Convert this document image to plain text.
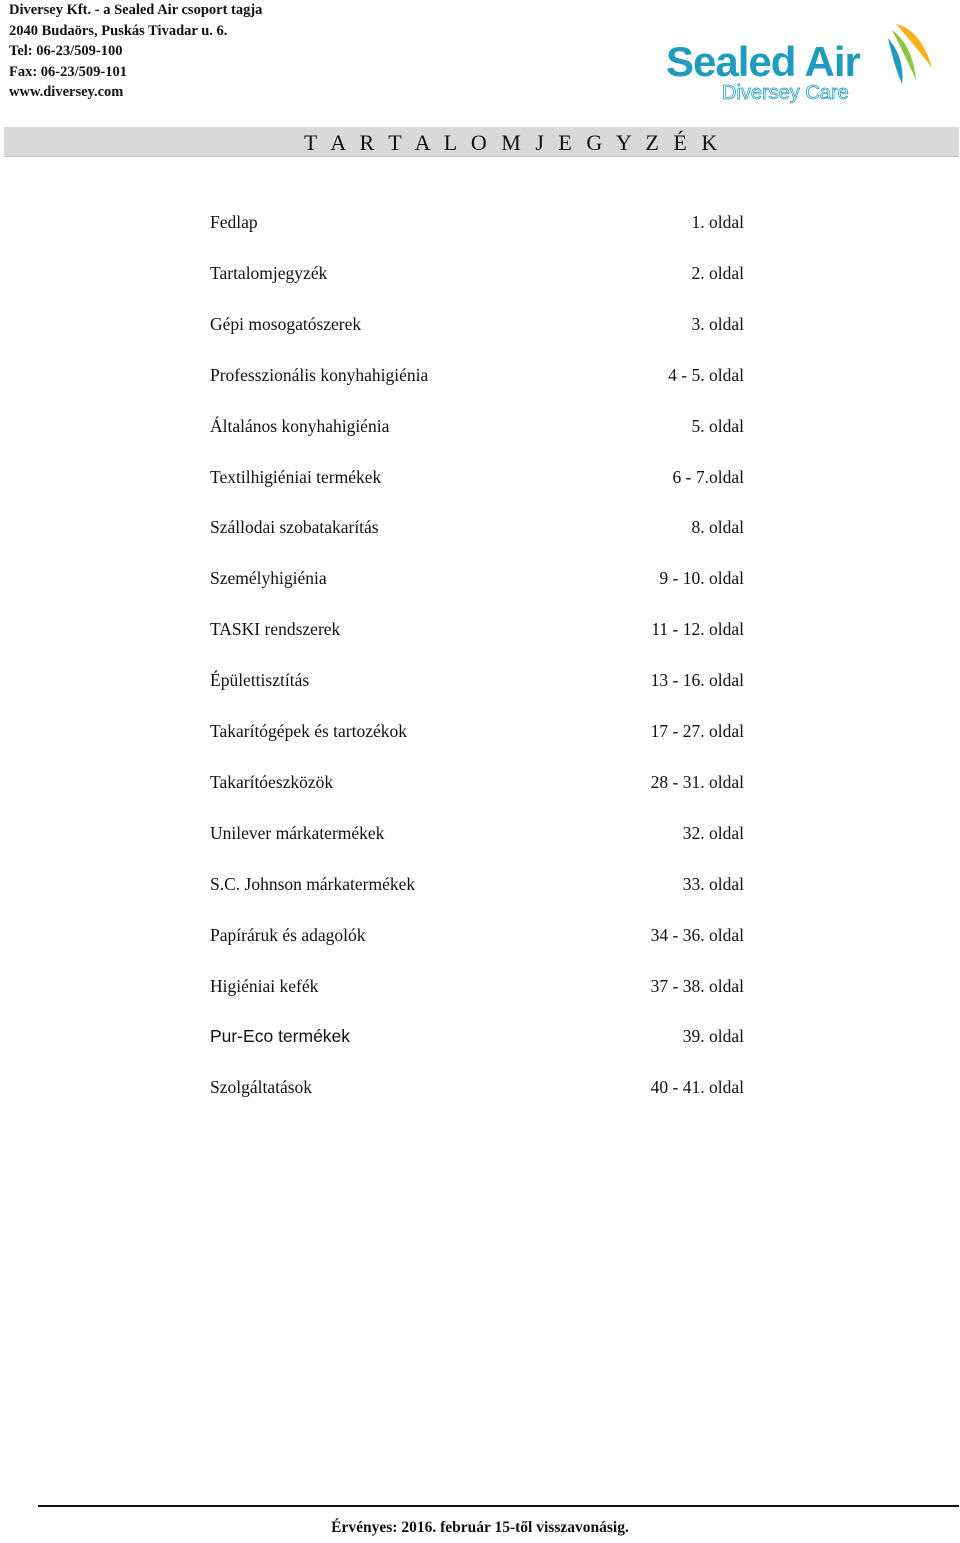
Diversey Kft. - a Sealed Air csoport tagja
2040 Budaörs, Puskás Tivadar u. 6.
Tel: 06-23/509-100
Fax: 06-23/509-101
www.diversey.com
Sealed Air
Diversey Care
T A R T A L O M J E G Y Z É K
Fedlap	1. oldal
Tartalomjegyzék	2. oldal
Gépi mosogatószerek	3. oldal
Professzionális konyhahigiénia	4 - 5. oldal
Általános konyhahigiénia	5. oldal
Textilhigiéniai termékek	6 - 7.oldal
Szállodai szobatakarítás	8. oldal
Személyhigiénia	9 - 10. oldal
TASKI rendszerek	11 - 12. oldal
Épülettisztítás	13 - 16. oldal
Takarítógépek és tartozékok	17 - 27. oldal
Takarítóeszközök	28 - 31. oldal
Unilever márkatermékek	32. oldal
S.C. Johnson márkatermékek	33. oldal
Papíráruk és adagolók	34 - 36. oldal
Higiéniai kefék	37 - 38. oldal
Pur-Eco termékek	39. oldal
Szolgáltatások	40 - 41. oldal
Érvényes: 2016. február 15-től visszavonásig.
